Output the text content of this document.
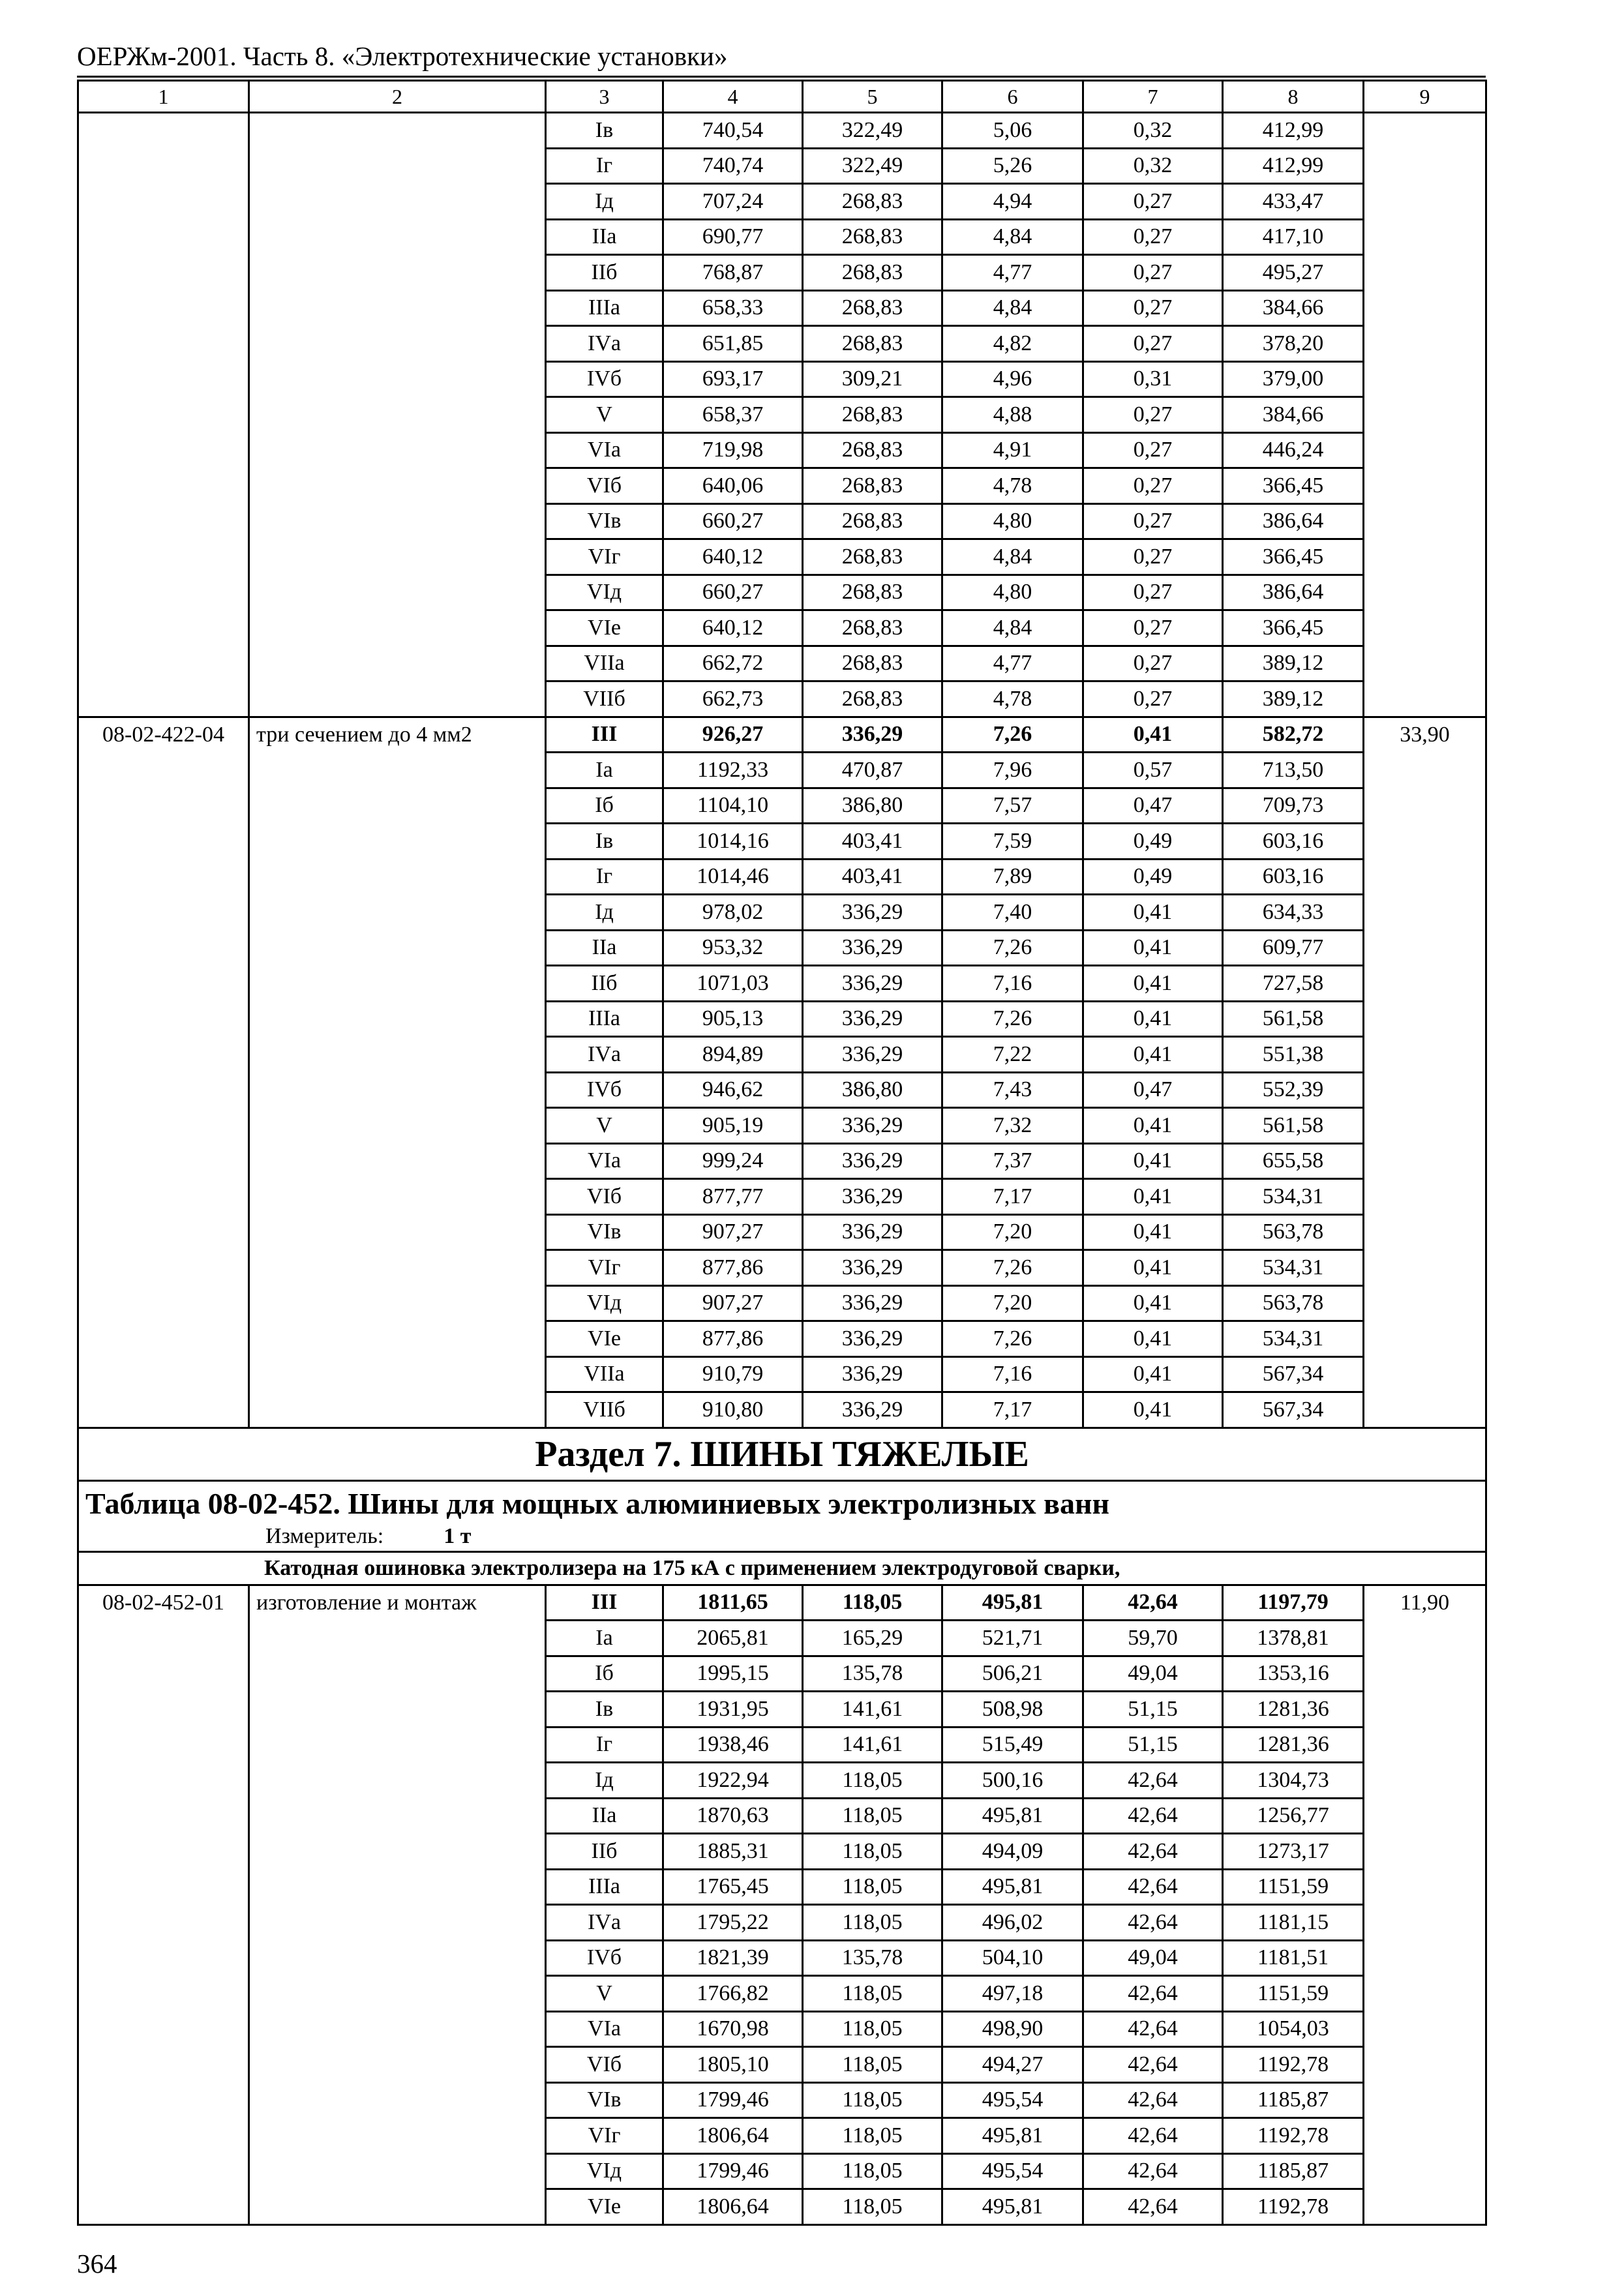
ОЕРЖм-2001. Часть 8. «Электротехнические установки»
1	2	3	4	5	6	7	8	9
		Iв	740,54	322,49	5,06	0,32	412,99	
		Iг	740,74	322,49	5,26	0,32	412,99	
		Iд	707,24	268,83	4,94	0,27	433,47	
		IIа	690,77	268,83	4,84	0,27	417,10	
		IIб	768,87	268,83	4,77	0,27	495,27	
		IIIа	658,33	268,83	4,84	0,27	384,66	
		IVа	651,85	268,83	4,82	0,27	378,20	
		IVб	693,17	309,21	4,96	0,31	379,00	
		V	658,37	268,83	4,88	0,27	384,66	
		VIа	719,98	268,83	4,91	0,27	446,24	
		VIб	640,06	268,83	4,78	0,27	366,45	
		VIв	660,27	268,83	4,80	0,27	386,64	
		VIг	640,12	268,83	4,84	0,27	366,45	
		VIд	660,27	268,83	4,80	0,27	386,64	
		VIе	640,12	268,83	4,84	0,27	366,45	
		VIIа	662,72	268,83	4,77	0,27	389,12	
		VIIб	662,73	268,83	4,78	0,27	389,12	
08-02-422-04	три сечением до 4 мм2	III	926,27	336,29	7,26	0,41	582,72	33,90
		Iа	1192,33	470,87	7,96	0,57	713,50	
		Iб	1104,10	386,80	7,57	0,47	709,73	
		Iв	1014,16	403,41	7,59	0,49	603,16	
		Iг	1014,46	403,41	7,89	0,49	603,16	
		Iд	978,02	336,29	7,40	0,41	634,33	
		IIа	953,32	336,29	7,26	0,41	609,77	
		IIб	1071,03	336,29	7,16	0,41	727,58	
		IIIа	905,13	336,29	7,26	0,41	561,58	
		IVа	894,89	336,29	7,22	0,41	551,38	
		IVб	946,62	386,80	7,43	0,47	552,39	
		V	905,19	336,29	7,32	0,41	561,58	
		VIа	999,24	336,29	7,37	0,41	655,58	
		VIб	877,77	336,29	7,17	0,41	534,31	
		VIв	907,27	336,29	7,20	0,41	563,78	
		VIг	877,86	336,29	7,26	0,41	534,31	
		VIд	907,27	336,29	7,20	0,41	563,78	
		VIе	877,86	336,29	7,26	0,41	534,31	
		VIIа	910,79	336,29	7,16	0,41	567,34	
		VIIб	910,80	336,29	7,17	0,41	567,34	
Раздел 7. ШИНЫ ТЯЖЕЛЫЕ								

Таблица 08-02-452. Шины для мощных алюминиевых электролизных ванн
Измеритель: 1 т								

Катодная ошиновка электролизера на 175 кА с применением электродуговой сварки,								
08-02-452-01	изготовление и монтаж	III	1811,65	118,05	495,81	42,64	1197,79	11,90
		Iа	2065,81	165,29	521,71	59,70	1378,81	
		Iб	1995,15	135,78	506,21	49,04	1353,16	
		Iв	1931,95	141,61	508,98	51,15	1281,36	
		Iг	1938,46	141,61	515,49	51,15	1281,36	
		Iд	1922,94	118,05	500,16	42,64	1304,73	
		IIа	1870,63	118,05	495,81	42,64	1256,77	
		IIб	1885,31	118,05	494,09	42,64	1273,17	
		IIIа	1765,45	118,05	495,81	42,64	1151,59	
		IVа	1795,22	118,05	496,02	42,64	1181,15	
		IVб	1821,39	135,78	504,10	49,04	1181,51	
		V	1766,82	118,05	497,18	42,64	1151,59	
		VIа	1670,98	118,05	498,90	42,64	1054,03	
		VIб	1805,10	118,05	494,27	42,64	1192,78	
		VIв	1799,46	118,05	495,54	42,64	1185,87	
		VIг	1806,64	118,05	495,81	42,64	1192,78	
		VIд	1799,46	118,05	495,54	42,64	1185,87	
		VIе	1806,64	118,05	495,81	42,64	1192,78	
364
